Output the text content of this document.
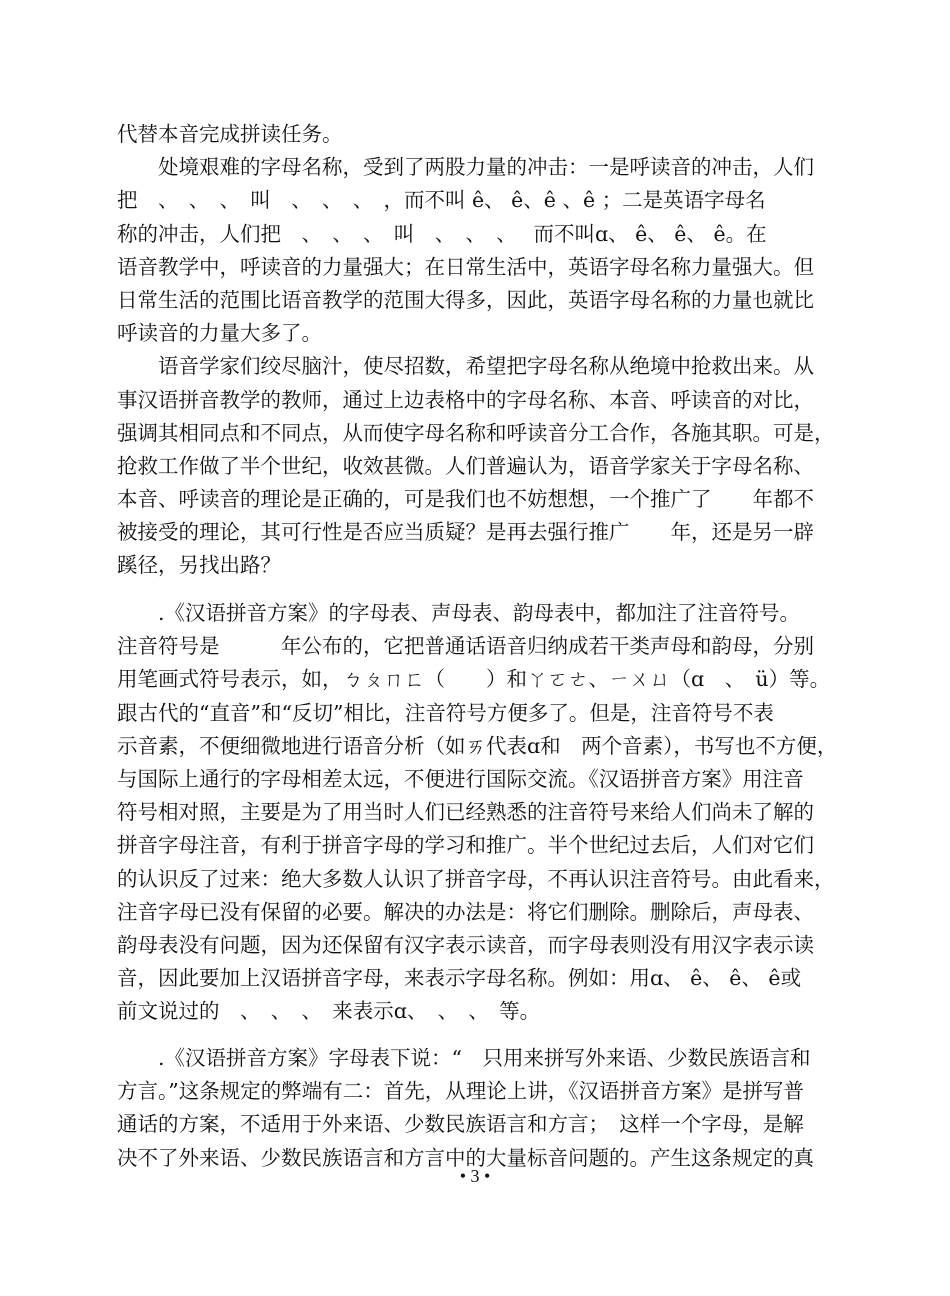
代替本音完成拼读任务。
　　处境艰难的字母名称，受到了两股力量的冲击：一是呼读音的冲击，人们
把　、　、　、　叫　、　、　、　，而不叫 ê、 ê、ê 、ê ；二是英语字母名
称的冲击，人们把　、　、　、　叫　、　、　、　 而不叫ɑ、 ê、 ê、 ê。在
语音教学中，呼读音的力量强大；在日常生活中，英语字母名称力量强大。但
日常生活的范围比语音教学的范围大得多，因此，英语字母名称的力量也就比
呼读音的力量大多了。
　　语音学家们绞尽脑汁，使尽招数，希望把字母名称从绝境中抢救出来。从
事汉语拼音教学的教师，通过上边表格中的字母名称、本音、呼读音的对比，
强调其相同点和不同点，从而使字母名称和呼读音分工合作，各施其职。可是，
抢救工作做了半个世纪，收效甚微。人们普遍认为，语音学家关于字母名称、
本音、呼读音的理论是正确的，可是我们也不妨想想，一个推广了　　年都不
被接受的理论，其可行性是否应当质疑？是再去强行推广　　年，还是另一辟
蹊径，另找出路？
　　.《汉语拼音方案》的字母表、声母表、韵母表中，都加注了注音符号。
注音符号是　　　年公布的，它把普通话语音归纳成若干类声母和韵母，分别
用笔画式符号表示，如，ㄅㄆㄇㄈ（　　）和ㄚㄛㄜ、ㄧㄨㄩ（ɑ　、　ü）等。
跟古代的“直音”和“反切”相比，注音符号方便多了。但是，注音符号不表
示音素，不便细微地进行语音分析（如ㄞ代表ɑ和　两个音素），书写也不方便，
与国际上通行的字母相差太远，不便进行国际交流。《汉语拼音方案》用注音
符号相对照，主要是为了用当时人们已经熟悉的注音符号来给人们尚未了解的
拼音字母注音，有利于拼音字母的学习和推广。半个世纪过去后，人们对它们
的认识反了过来：绝大多数人认识了拼音字母，不再认识注音符号。由此看来，
注音字母已没有保留的必要。解决的办法是：将它们删除。删除后，声母表、
韵母表没有问题，因为还保留有汉字表示读音，而字母表则没有用汉字表示读
音，因此要加上汉语拼音字母，来表示字母名称。例如：用ɑ、 ê、 ê、 ê或
前文说过的　、　、　、　来表示ɑ、　、　、　等。
　　.《汉语拼音方案》字母表下说：“　只用来拼写外来语、少数民族语言和
方言。”这条规定的弊端有二：首先，从理论上讲，《汉语拼音方案》是拼写普
通话的方案，不适用于外来语、少数民族语言和方言；　这样一个字母，是解
决不了外来语、少数民族语言和方言中的大量标音问题的。产生这条规定的真
• 3 •
